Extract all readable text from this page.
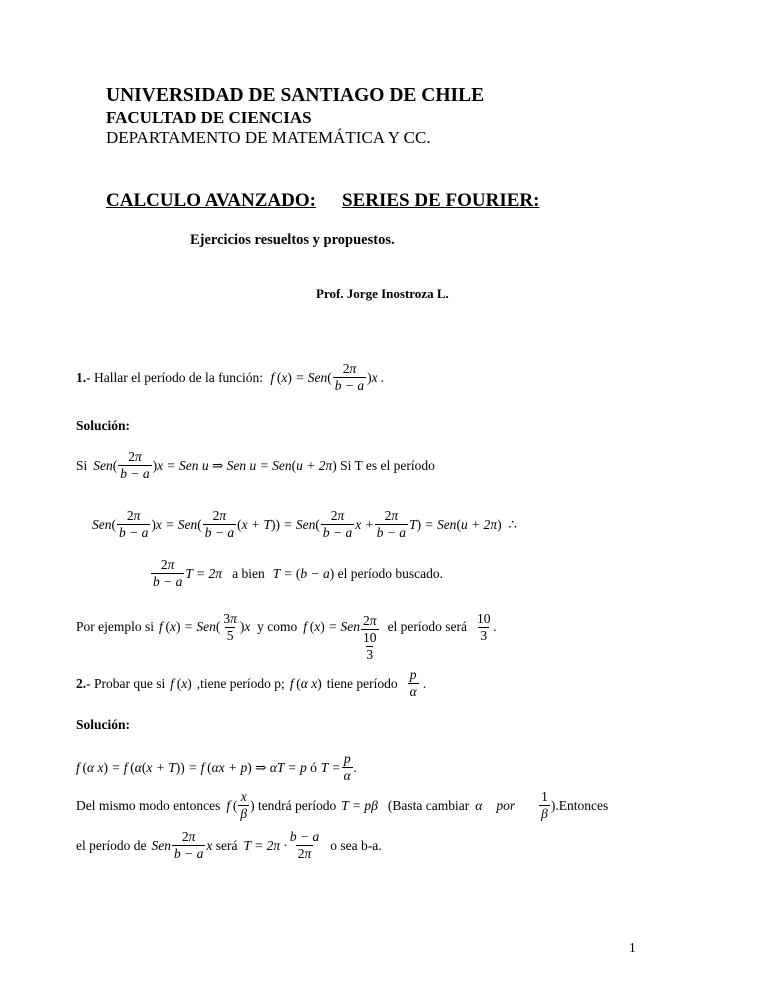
UNIVERSIDAD DE SANTIAGO DE CHILE
FACULTAD DE CIENCIAS
DEPARTAMENTO DE MATEMÁTICA Y CC.
CALCULO AVANZADO: SERIES DE FOURIER:
Ejercicios resueltos y propuestos.
Prof. Jorge Inostroza L.
1. - Hallar el período de la función: f $(x) = Sen( \frac{2\pi}{b - a} )x$ .
Solución:
Si $Sen( \frac{2\pi}{b - a} )x$ = Sen u ⇒ Sen u = Sen(u + 2π) Si T es el período
$Sen( \frac{2\pi}{b - a} )x = Sen( \frac{2\pi}{b - a} (x + T)) = Sen( \frac{2\pi}{b - a}$ $x + \frac{2\pi}{b - a} T) = Sen(u + 2\pi)$ ∴
$\frac{2\pi}{b - a}$ T = 2π a bien T = (b − a) el período buscado.
Por ejemplo si f $(x) = Sen( \frac{3\pi}{5} )x$ y como f (x) = Sen 2π
10
3 el período será $\frac{10}{3}$ .
2. - Probar que si f (x) ,tiene período p; f (α x) tiene período $\frac{p}{\alpha}$ .
Solución:
f (α x) = f (α(x + T)) = f (αx + p) ⇒ αT = p ó $T = \frac{p}{\alpha}$ .
Del mismo modo entonces f ( $\frac{x}{\beta}$ ) tendrá período T = pβ (Basta cambiar α por $\frac{1}{\beta}$ ).Entonces
el período de Sen $\frac{2\pi}{b - a}$ x será $T = 2\pi \cdot \frac{b - a}{2\pi}$ o sea b-a.
1
